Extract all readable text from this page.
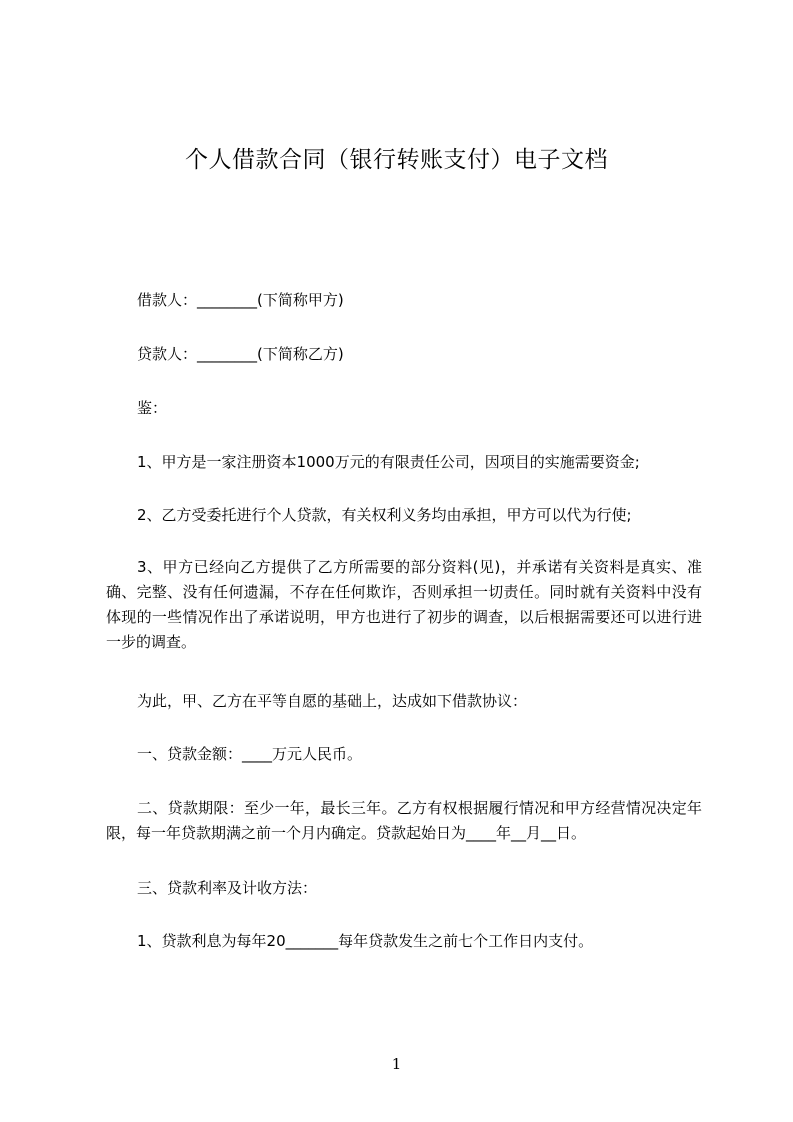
个人借款合同（银行转账支付）电子文档

借款人：________(下简称甲方)

贷款人：________(下简称乙方)

鉴：

1、甲方是一家注册资本1000万元的有限责任公司，因项目的实施需要资金;

2、乙方受委托进行个人贷款，有关权利义务均由承担，甲方可以代为行使;

3、甲方已经向乙方提供了乙方所需要的部分资料(见)，并承诺有关资料是真实、准确、完整、没有任何遗漏，不存在任何欺诈，否则承担一切责任。同时就有关资料中没有体现的一些情况作出了承诺说明，甲方也进行了初步的调查，以后根据需要还可以进行进一步的调查。

为此，甲、乙方在平等自愿的基础上，达成如下借款协议：

一、贷款金额：____万元人民币。

二、贷款期限：至少一年，最长三年。乙方有权根据履行情况和甲方经营情况决定年限，每一年贷款期满之前一个月内确定。贷款起始日为____年__月__日。

三、贷款利率及计收方法：

1、贷款利息为每年20_______每年贷款发生之前七个工作日内支付。

1
